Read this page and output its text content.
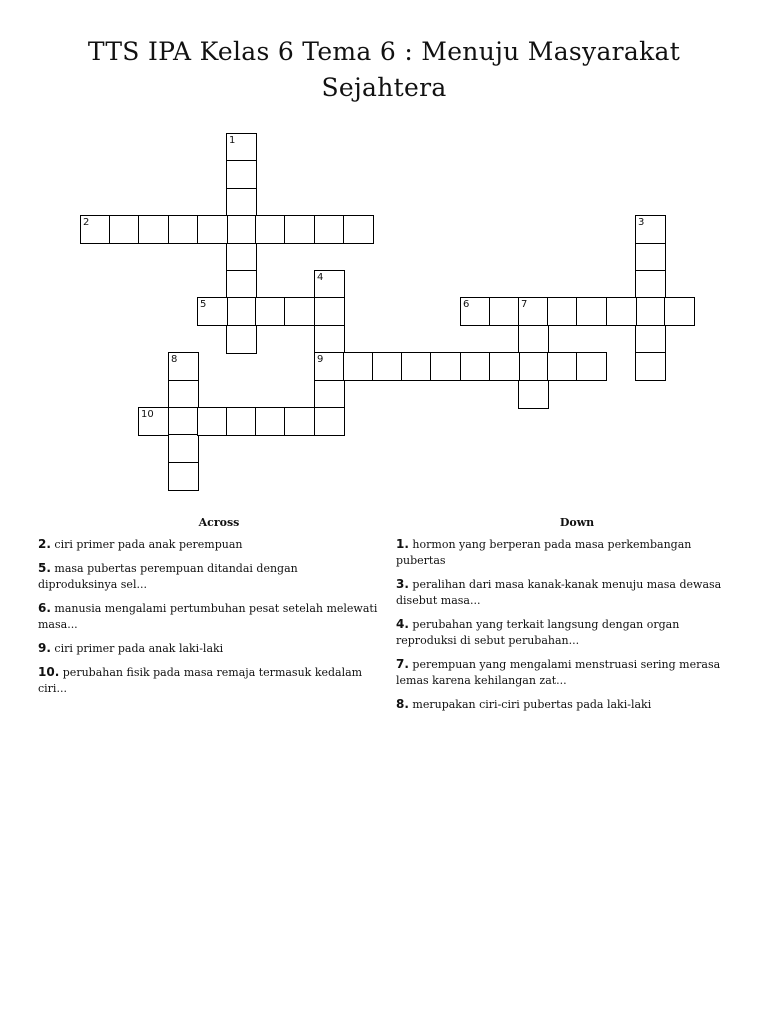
TTS IPA Kelas 6 Tema 6 : Menuju Masyarakat
Sejahtera
1
2	3
4
9
5	6	7
8
10
Across
2. ciri primer pada anak perempuan
5. masa pubertas perempuan ditandai dengan diproduksinya sel...
6. manusia mengalami pertumbuhan pesat setelah melewati masa...
9. ciri primer pada anak laki-laki
10. perubahan fisik pada masa remaja termasuk kedalam ciri...
Down
1. hormon yang berperan pada masa perkembangan pubertas
3. peralihan dari masa kanak-kanak menuju masa dewasa disebut masa...
4. perubahan yang terkait langsung dengan organ reproduksi di sebut perubahan...
7. perempuan yang mengalami menstruasi sering merasa lemas karena kehilangan zat...
8. merupakan ciri-ciri pubertas pada laki-laki
